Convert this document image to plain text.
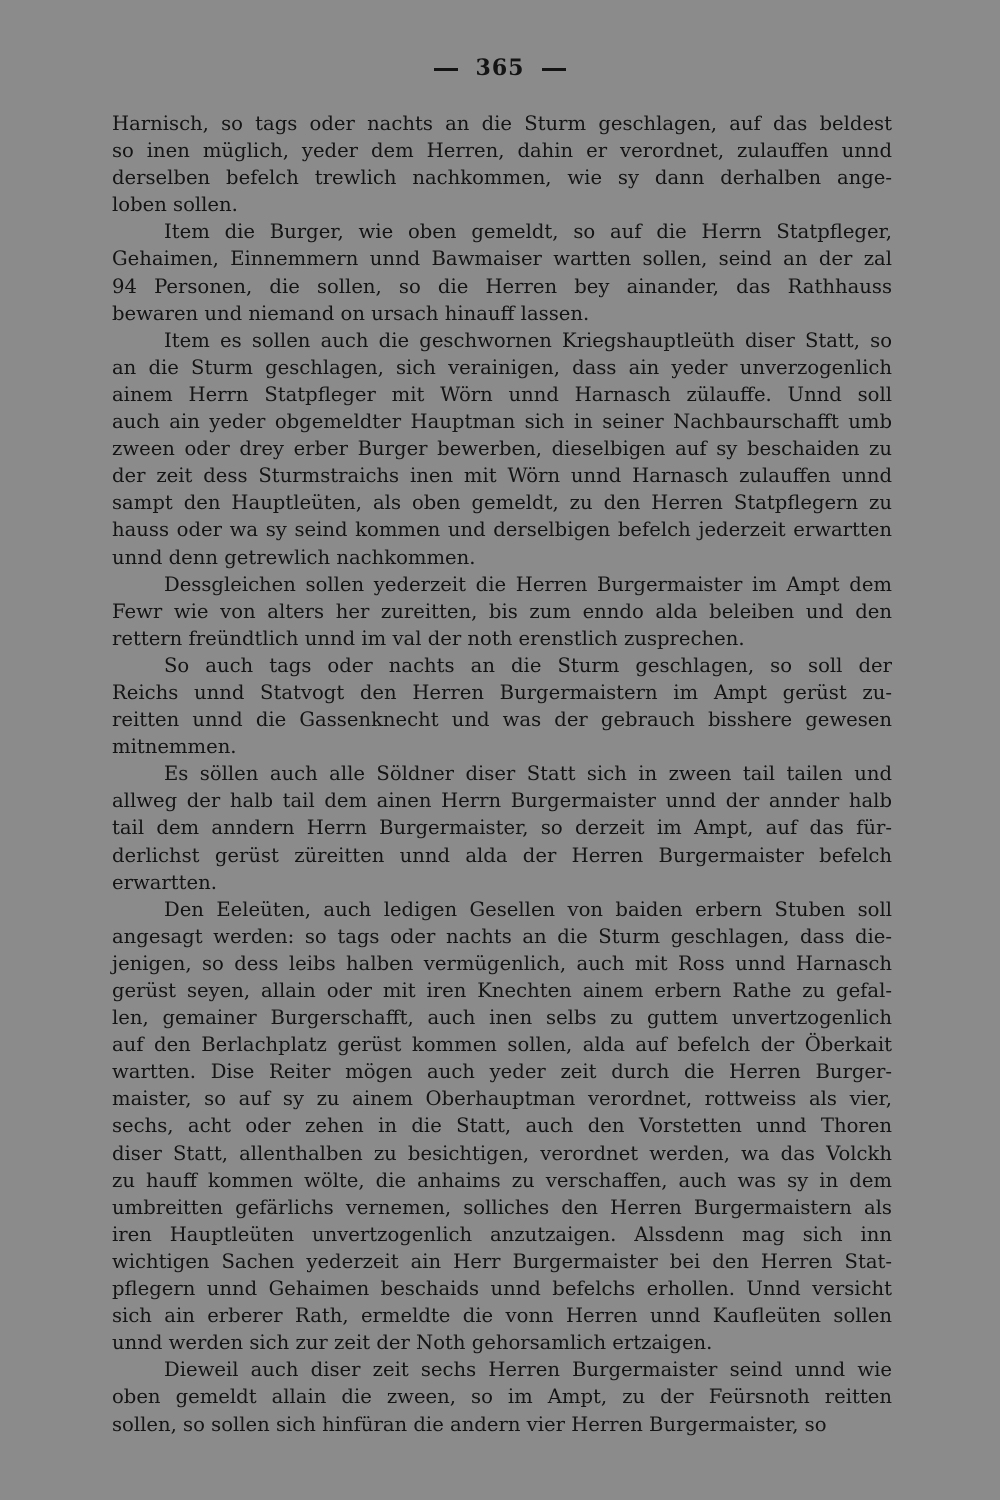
365

Harnisch, so tags oder nachts an die Sturm geschlagen, auf das beldest
so inen müglich, yeder dem Herren, dahin er verordnet, zulauffen unnd
derselben befelch trewlich nachkommen, wie sy dann derhalben ange-
loben sollen.

Item die Burger, wie oben gemeldt, so auf die Herrn Statpfleger,
Gehaimen, Einnemmern unnd Bawmaiser wartten sollen, seind an der zal
94 Personen, die sollen, so die Herren bey ainander, das Rathhauss
bewaren und niemand on ursach hinauff lassen.

Item es sollen auch die geschwornen Kriegshauptleüth diser Statt, so
an die Sturm geschlagen, sich verainigen, dass ain yeder unverzogenlich
ainem Herrn Statpfleger mit Wörn unnd Harnasch zülauffe. Unnd soll
auch ain yeder obgemeldter Hauptman sich in seiner Nachbaurschafft umb
zween oder drey erber Burger bewerben, dieselbigen auf sy beschaiden zu
der zeit dess Sturmstraichs inen mit Wörn unnd Harnasch zulauffen unnd
sampt den Hauptleüten, als oben gemeldt, zu den Herren Statpflegern zu
hauss oder wa sy seind kommen und derselbigen befelch jederzeit erwartten
unnd denn getrewlich nachkommen.

Dessgleichen sollen yederzeit die Herren Burgermaister im Ampt dem
Fewr wie von alters her zureitten, bis zum enndo alda beleiben und den
rettern freündtlich unnd im val der noth erenstlich zusprechen.

So auch tags oder nachts an die Sturm geschlagen, so soll der
Reichs unnd Statvogt den Herren Burgermaistern im Ampt gerüst zu-
reitten unnd die Gassenknecht und was der gebrauch bisshere gewesen
mitnemmen.

Es söllen auch alle Söldner diser Statt sich in zween tail tailen und
allweg der halb tail dem ainen Herrn Burgermaister unnd der annder halb
tail dem anndern Herrn Burgermaister, so derzeit im Ampt, auf das für-
derlichst gerüst züreitten unnd alda der Herren Burgermaister befelch
erwartten.

Den Eeleüten, auch ledigen Gesellen von baiden erbern Stuben soll
angesagt werden: so tags oder nachts an die Sturm geschlagen, dass die-
jenigen, so dess leibs halben vermügenlich, auch mit Ross unnd Harnasch
gerüst seyen, allain oder mit iren Knechten ainem erbern Rathe zu gefal-
len, gemainer Burgerschafft, auch inen selbs zu guttem unvertzogenlich
auf den Berlachplatz gerüst kommen sollen, alda auf befelch der Öberkait
wartten. Dise Reiter mögen auch yeder zeit durch die Herren Burger-
maister, so auf sy zu ainem Oberhauptman verordnet, rottweiss als vier,
sechs, acht oder zehen in die Statt, auch den Vorstetten unnd Thoren
diser Statt, allenthalben zu besichtigen, verordnet werden, wa das Volckh
zu hauff kommen wölte, die anhaims zu verschaffen, auch was sy in dem
umbreitten gefärlichs vernemen, solliches den Herren Burgermaistern als
iren Hauptleüten unvertzogenlich anzutzaigen. Alssdenn mag sich inn
wichtigen Sachen yederzeit ain Herr Burgermaister bei den Herren Stat-
pflegern unnd Gehaimen beschaids unnd befelchs erhollen. Unnd versicht
sich ain erberer Rath, ermeldte die vonn Herren unnd Kaufleüten sollen
unnd werden sich zur zeit der Noth gehorsamlich ertzaigen.

Dieweil auch diser zeit sechs Herren Burgermaister seind unnd wie
oben gemeldt allain die zween, so im Ampt, zu der Feürsnoth reitten
sollen, so sollen sich hinfüran die andern vier Herren Burgermaister, so
